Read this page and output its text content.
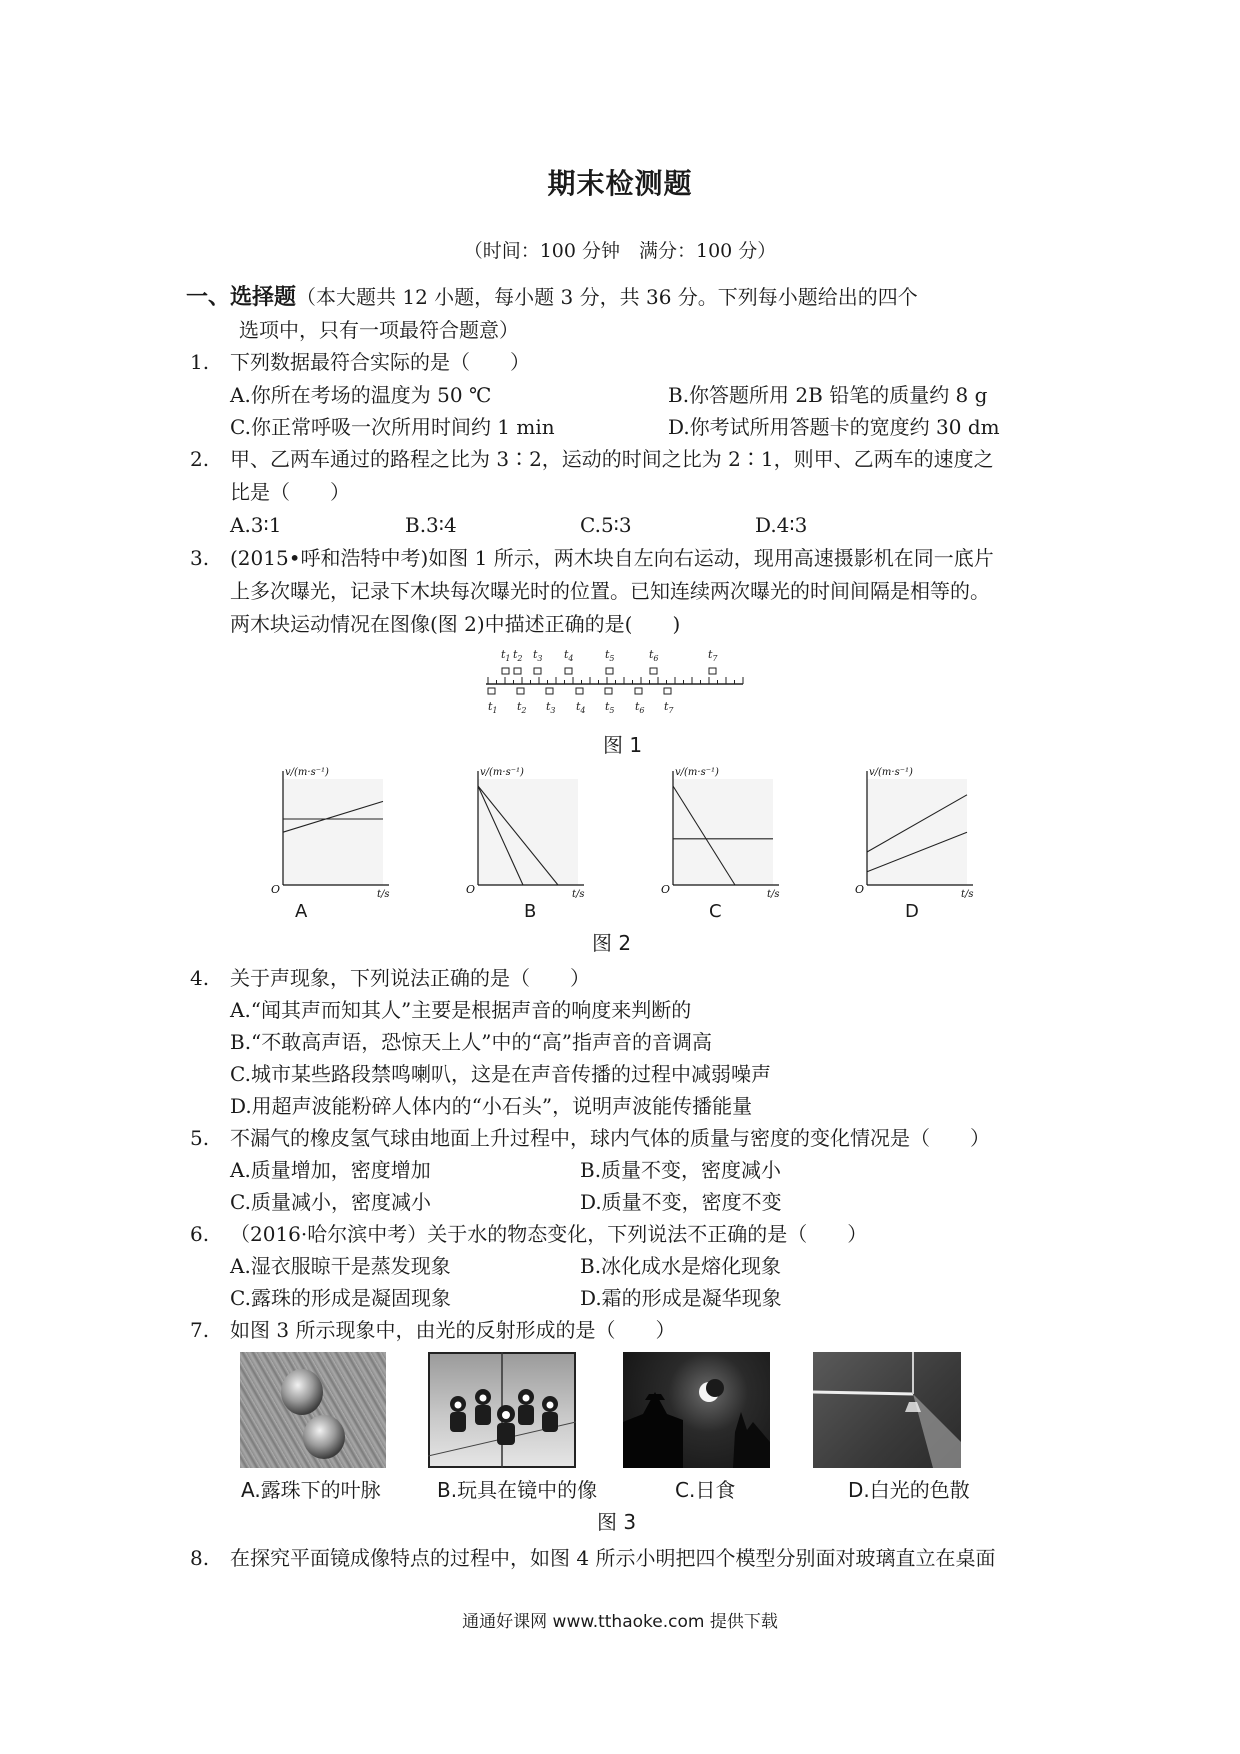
期末检测题
（时间：100 分钟　满分：100 分）
一、选择题（本大题共 12 小题，每小题 3 分，共 36 分。下列每小题给出的四个
选项中，只有一项最符合题意）
1. 下列数据最符合实际的是（　　）
A.你所在考场的温度为 50 ℃	B.你答题所用 2B 铅笔的质量约 8 g
C.你正常呼吸一次所用时间约 1 min	D.你考试所用答题卡的宽度约 30 dm
2. 甲、乙两车通过的路程之比为 3∶2，运动的时间之比为 2∶1，则甲、乙两车的速度之
比是（　　）
A.3∶1	B.3∶4	C.5∶3	D.4∶3
3. (2015•呼和浩特中考)如图 1 所示，两木块自左向右运动，现用高速摄影机在同一底片
上多次曝光，记录下木块每次曝光时的位置。已知连续两次曝光的时间间隔是相等的。
两木块运动情况在图像(图 2)中描述正确的是(　　)
$t_1$ $t_2$ $t_3$ $t_4$	$t_5$	$t_6$	$t_7$
$t_1$ $t_2$ $t_3$ $t_4$ $t_5$ $t_6$ $t_7$
图 1
v/(m·s⁻¹)
t/s
O
v/(m·s⁻¹)
t/s
O
v/(m·s⁻¹)
t/s
O
v/(m·s⁻¹)
t/s
O
A	B	C	D
图 2
4. 关于声现象，下列说法正确的是（　　）
A.“闻其声而知其人”主要是根据声音的响度来判断的
B.“不敢高声语，恐惊天上人”中的“高”指声音的音调高
C.城市某些路段禁鸣喇叭，这是在声音传播的过程中减弱噪声
D.用超声波能粉碎人体内的“小石头”，说明声波能传播能量
5. 不漏气的橡皮氢气球由地面上升过程中，球内气体的质量与密度的变化情况是（　　）
A.质量增加，密度增加	B.质量不变，密度减小
C.质量减小，密度减小	D.质量不变，密度不变
6. （2016·哈尔滨中考）关于水的物态变化，下列说法不正确的是（　　）
A.湿衣服晾干是蒸发现象	B.冰化成水是熔化现象
C.露珠的形成是凝固现象	D.霜的形成是凝华现象
7. 如图 3 所示现象中，由光的反射形成的是（　　）
A.露珠下的叶脉	B.玩具在镜中的像	C.日食	D.白光的色散
图 3
8. 在探究平面镜成像特点的过程中，如图 4 所示小明把四个模型分别面对玻璃直立在桌面
通通好课网 www.tthaoke.com 提供下载
